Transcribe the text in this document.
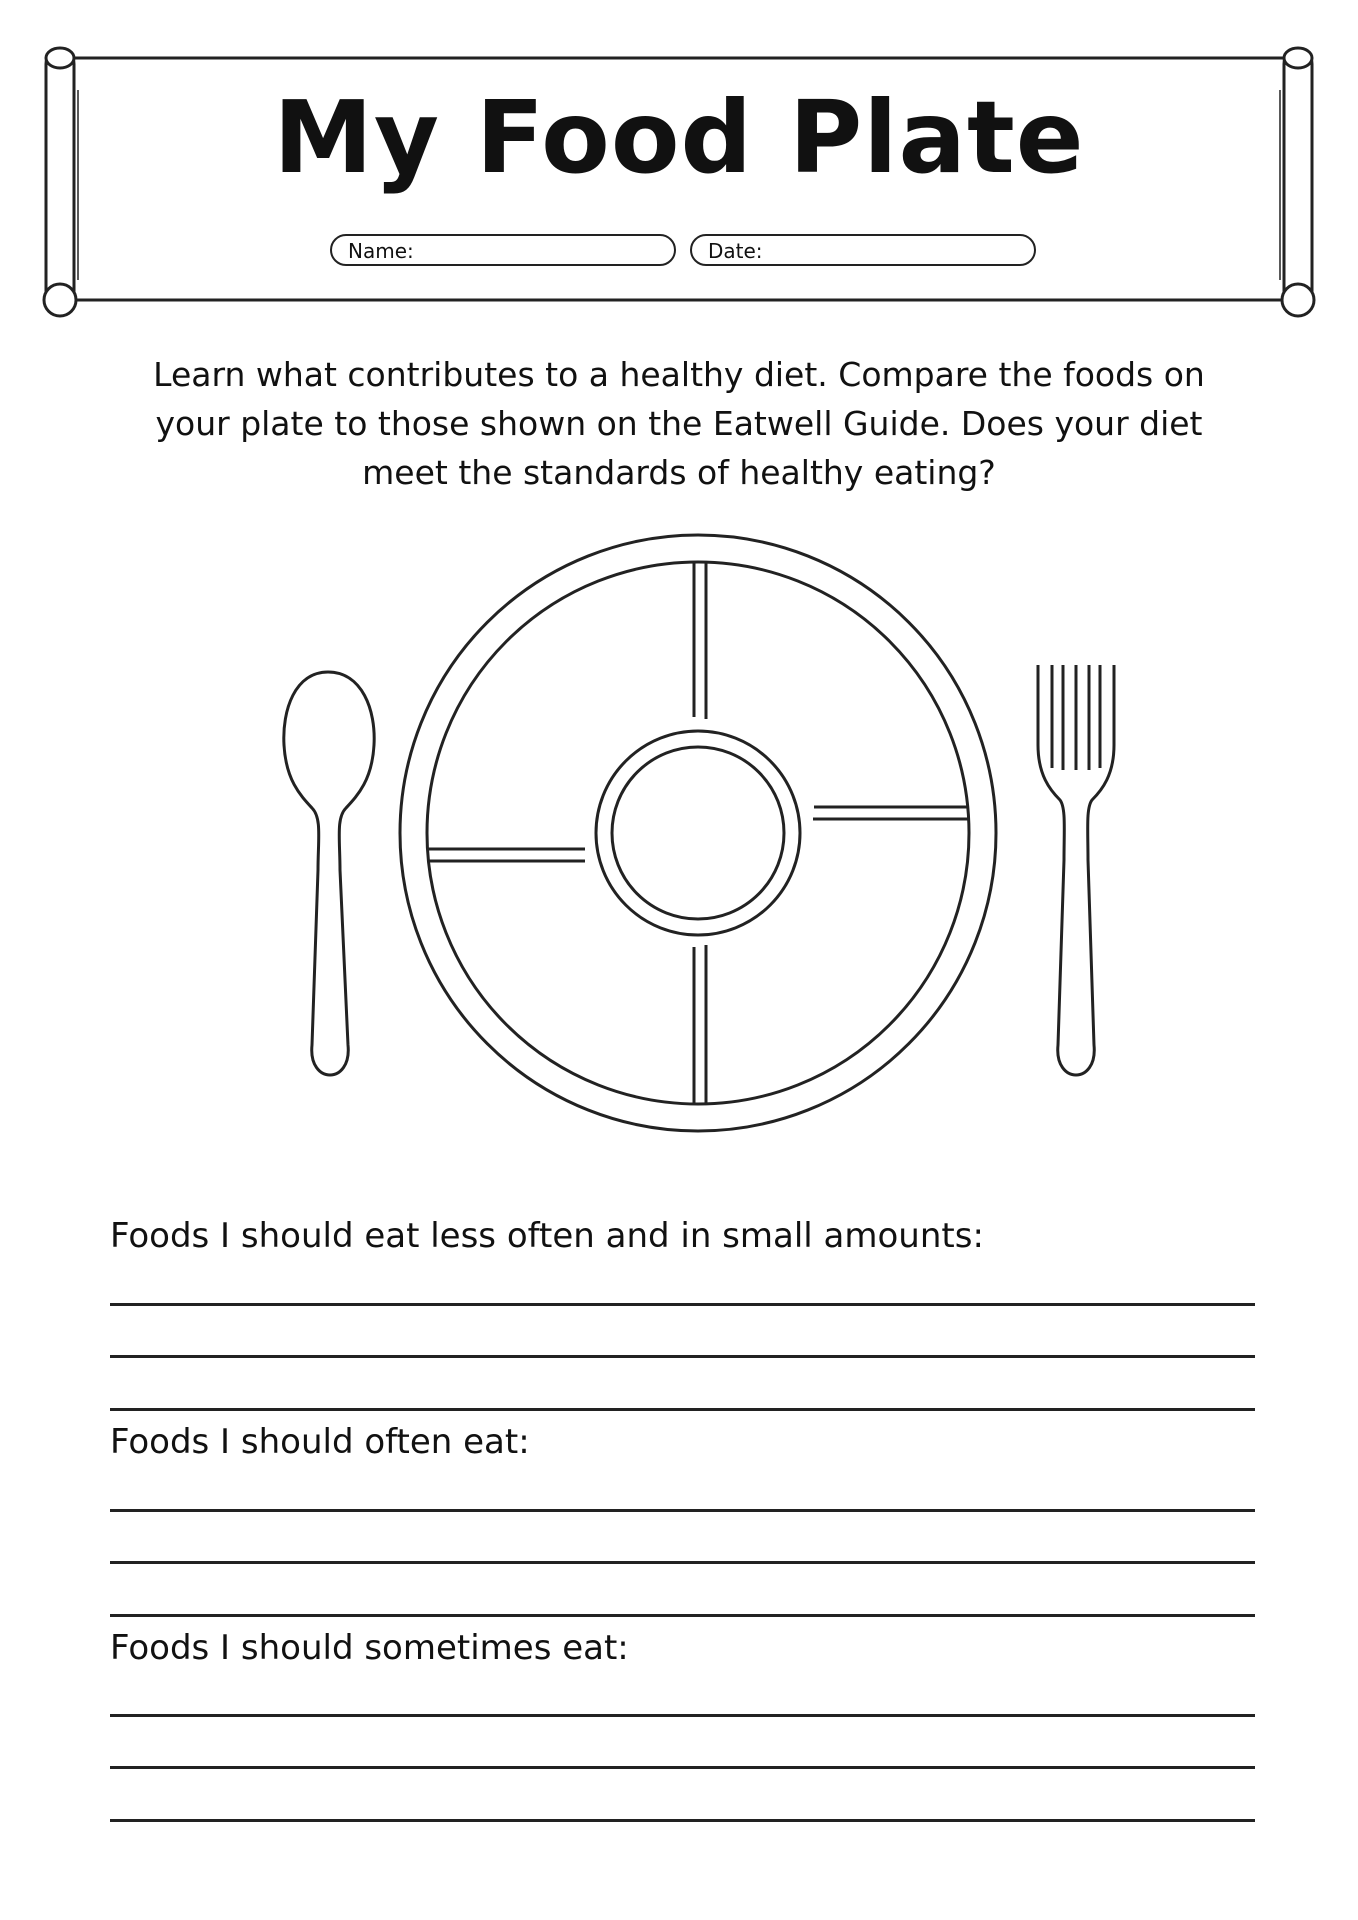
My Food Plate
Name:	Date:
Learn what contributes to a healthy diet. Compare the foods on
your plate to those shown on the Eatwell Guide. Does your diet
meet the standards of healthy eating?
Foods I should eat less often and in small amounts:
Foods I should often eat:
Foods I should sometimes eat:
